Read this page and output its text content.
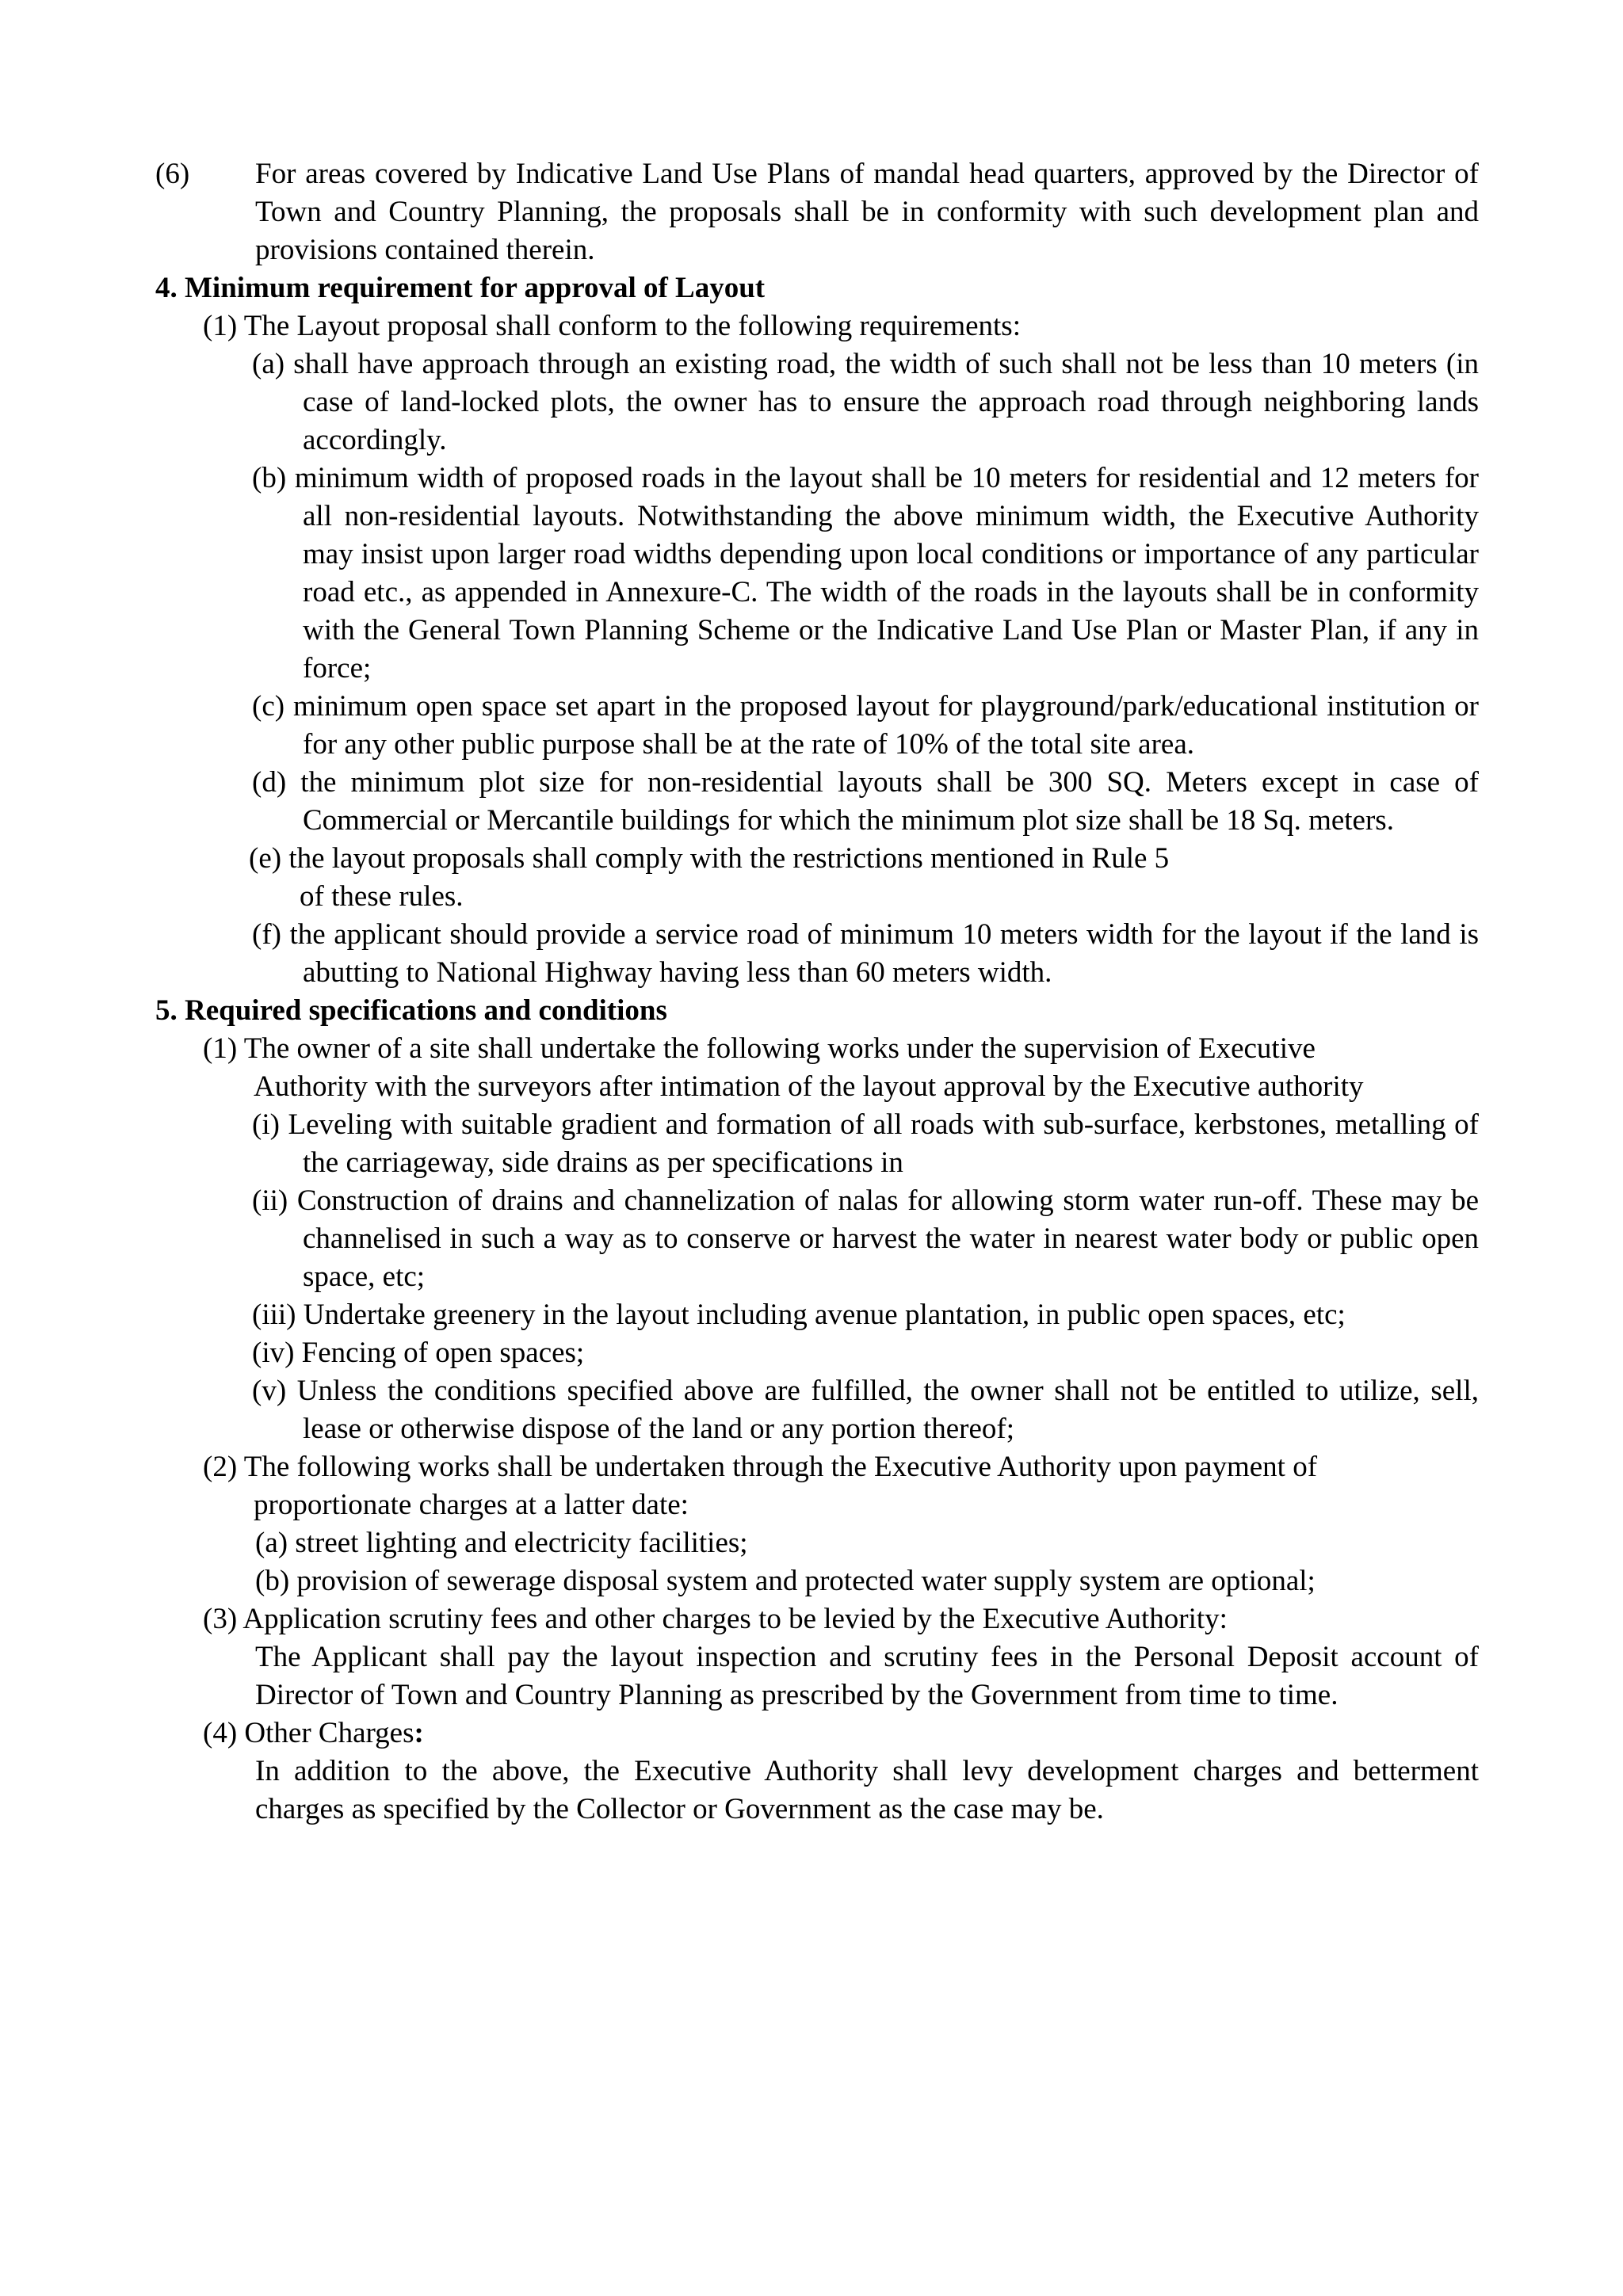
(6) For areas covered by Indicative Land Use Plans of mandal head quarters, approved by the Director of Town and Country Planning, the proposals shall be in conformity with such development plan and provisions contained therein.

4. Minimum requirement for approval of Layout

(1) The Layout proposal shall conform to the following requirements:

(a) shall have approach through an existing road, the width of such shall not be less than 10 meters (in case of land-locked plots, the owner has to ensure the approach road through neighboring lands accordingly.

(b) minimum width of proposed roads in the layout shall be 10 meters for residential and 12 meters for all non-residential layouts. Notwithstanding the above minimum width, the Executive Authority may insist upon larger road widths depending upon local conditions or importance of any particular road etc., as appended in Annexure-C. The width of the roads in the layouts shall be in conformity with the General Town Planning Scheme or the Indicative Land Use Plan or Master Plan, if any in force;

(c) minimum open space set apart in the proposed layout for playground/park/educational institution or for any other public purpose shall be at the rate of 10% of the total site area.

(d) the minimum plot size for non-residential layouts shall be 300 SQ. Meters except in case of Commercial or Mercantile buildings for which the minimum plot size shall be 18 Sq. meters.

(e) the layout proposals shall comply with the restrictions mentioned in Rule 5 of these rules.

(f) the applicant should provide a service road of minimum 10 meters width for the layout if the land is abutting to National Highway having less than 60 meters width.

5. Required specifications and conditions

(1) The owner of a site shall undertake the following works under the supervision of Executive Authority with the surveyors after intimation of the layout approval by the Executive authority

(i) Leveling with suitable gradient and formation of all roads with sub-surface, kerbstones, metalling of the carriageway, side drains as per specifications in

(ii) Construction of drains and channelization of nalas for allowing storm water run-off. These may be channelised in such a way as to conserve or harvest the water in nearest water body or public open space, etc;

(iii) Undertake greenery in the layout including avenue plantation, in public open spaces, etc;

(iv) Fencing of open spaces;

(v) Unless the conditions specified above are fulfilled, the owner shall not be entitled to utilize, sell, lease or otherwise dispose of the land or any portion thereof;

(2) The following works shall be undertaken through the Executive Authority upon payment of proportionate charges at a latter date:

(a) street lighting and electricity facilities;

(b) provision of sewerage disposal system and protected water supply system are optional;

(3) Application scrutiny fees and other charges to be levied by the Executive Authority:

The Applicant shall pay the layout inspection and scrutiny fees in the Personal Deposit account of Director of Town and Country Planning as prescribed by the Government from time to time.

(4) Other Charges:

In addition to the above, the Executive Authority shall levy development charges and betterment charges as specified by the Collector or Government as the case may be.
